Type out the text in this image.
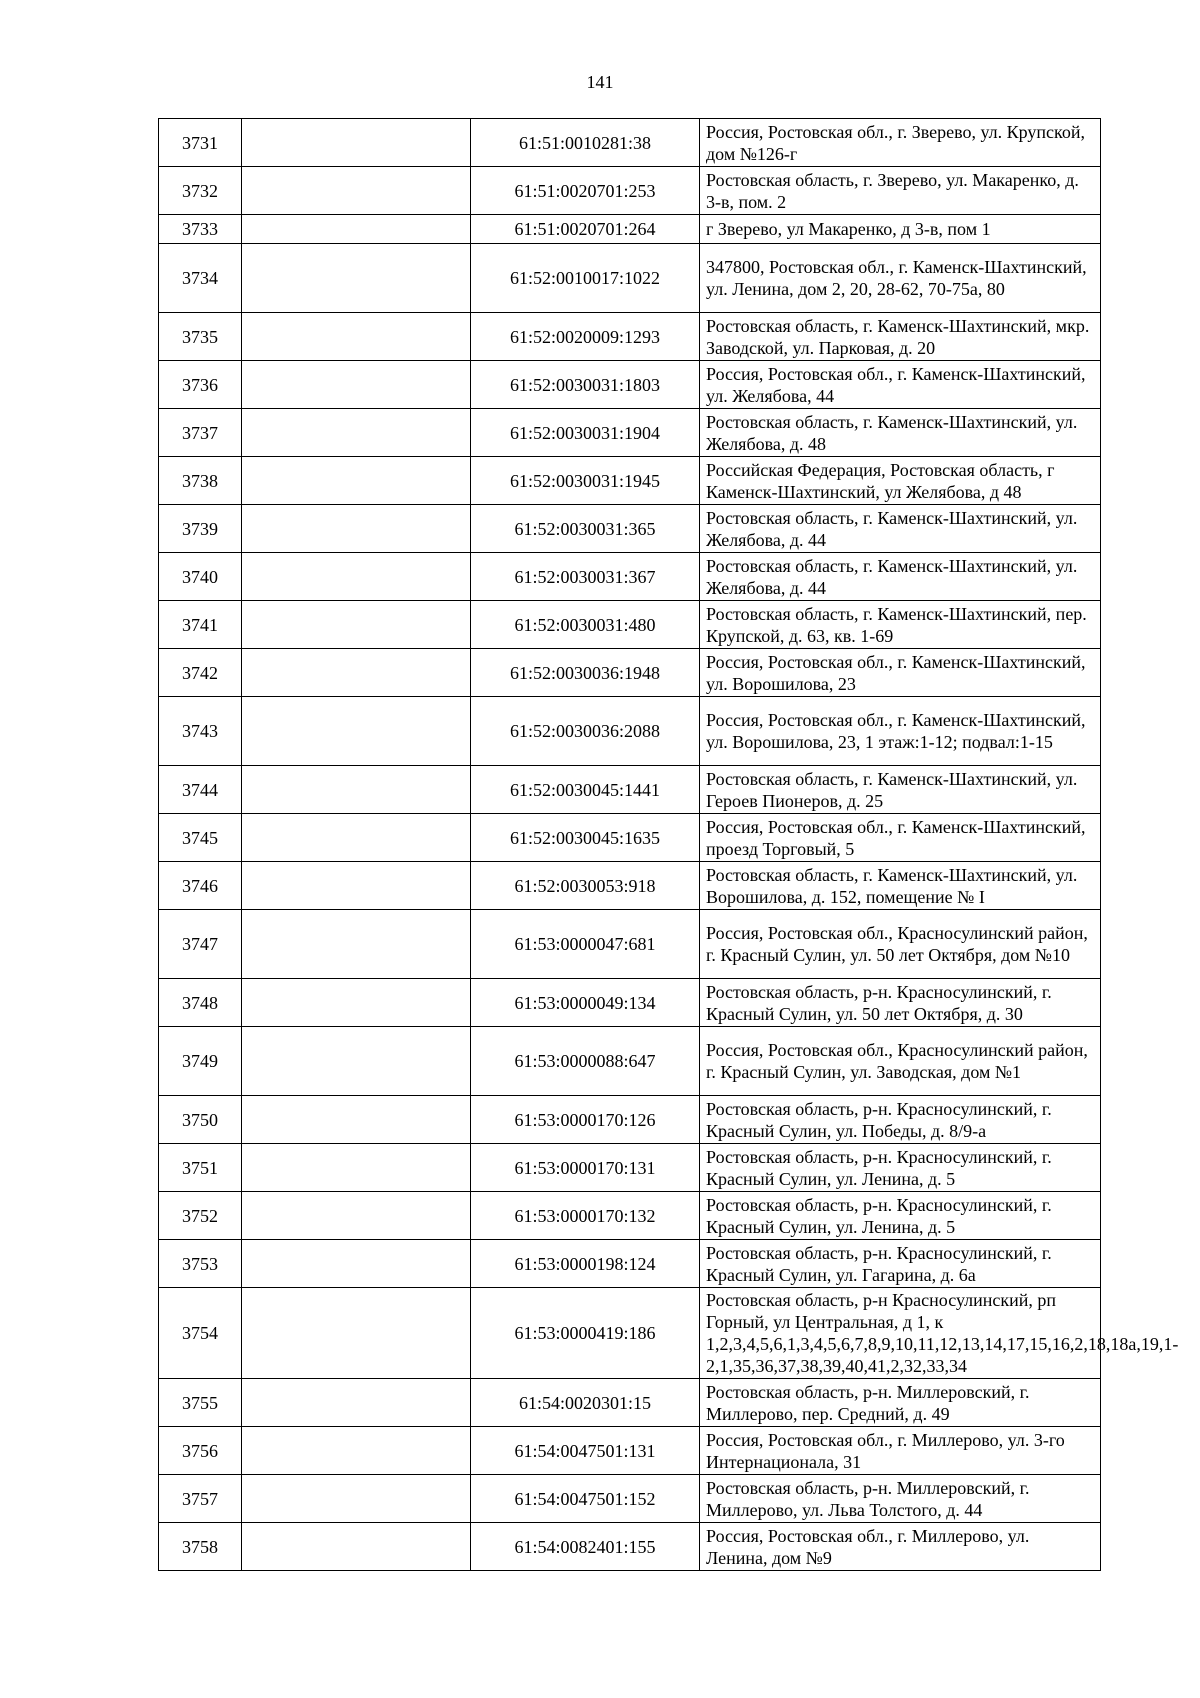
141
3731		61:51:0010281:38	Россия, Ростовская обл., г. Зверево, ул. Крупской, дом №126-г
3732		61:51:0020701:253	Ростовская область, г. Зверево, ул. Макаренко, д. 3-в, пом. 2
3733		61:51:0020701:264	г Зверево, ул Макаренко, д 3-в, пом 1
3734		61:52:0010017:1022	347800, Ростовская обл., г. Каменск-Шахтинский, ул. Ленина, дом 2, 20, 28-62, 70-75а, 80
3735		61:52:0020009:1293	Ростовская область, г. Каменск-Шахтинский, мкр. Заводской, ул. Парковая, д. 20
3736		61:52:0030031:1803	Россия, Ростовская обл., г. Каменск-Шахтинский, ул. Желябова, 44
3737		61:52:0030031:1904	Ростовская область, г. Каменск-Шахтинский, ул. Желябова, д. 48
3738		61:52:0030031:1945	Российская Федерация, Ростовская область, г Каменск-Шахтинский, ул Желябова, д 48
3739		61:52:0030031:365	Ростовская область, г. Каменск-Шахтинский, ул. Желябова, д. 44
3740		61:52:0030031:367	Ростовская область, г. Каменск-Шахтинский, ул. Желябова, д. 44
3741		61:52:0030031:480	Ростовская область, г. Каменск-Шахтинский, пер. Крупской, д. 63, кв. 1-69
3742		61:52:0030036:1948	Россия, Ростовская обл., г. Каменск-Шахтинский, ул. Ворошилова, 23
3743		61:52:0030036:2088	Россия, Ростовская обл., г. Каменск-Шахтинский, ул. Ворошилова, 23, 1 этаж:1-12; подвал:1-15
3744		61:52:0030045:1441	Ростовская область, г. Каменск-Шахтинский, ул. Героев Пионеров, д. 25
3745		61:52:0030045:1635	Россия, Ростовская обл., г. Каменск-Шахтинский, проезд Торговый, 5
3746		61:52:0030053:918	Ростовская область, г. Каменск-Шахтинский, ул. Ворошилова, д. 152, помещение № I
3747		61:53:0000047:681	Россия, Ростовская обл., Красносулинский район, г. Красный Сулин, ул. 50 лет Октября, дом №10
3748		61:53:0000049:134	Ростовская область, р-н. Красносулинский, г. Красный Сулин, ул. 50 лет Октября, д. 30
3749		61:53:0000088:647	Россия, Ростовская обл., Красносулинский район, г. Красный Сулин, ул. Заводская, дом №1
3750		61:53:0000170:126	Ростовская область, р-н. Красносулинский, г. Красный Сулин, ул. Победы, д. 8/9-а
3751		61:53:0000170:131	Ростовская область, р-н. Красносулинский, г. Красный Сулин, ул. Ленина, д. 5
3752		61:53:0000170:132	Ростовская область, р-н. Красносулинский, г. Красный Сулин, ул. Ленина, д. 5
3753		61:53:0000198:124	Ростовская область, р-н. Красносулинский, г. Красный Сулин, ул. Гагарина, д. 6а
3754		61:53:0000419:186	Ростовская область, р-н Красносулинский, рп Горный, ул Центральная, д 1, к 1,2,3,4,5,6,1,3,4,5,6,7,8,9,10,11,12,13,14,17,15,16,2,18,18а,19,1-2,1,35,36,37,38,39,40,41,2,32,33,34
3755		61:54:0020301:15	Ростовская область, р-н. Миллеровский, г. Миллерово, пер. Средний, д. 49
3756		61:54:0047501:131	Россия, Ростовская обл., г. Миллерово, ул. 3-го Интернационала, 31
3757		61:54:0047501:152	Ростовская область, р-н. Миллеровский, г. Миллерово, ул. Льва Толстого, д. 44
3758		61:54:0082401:155	Россия, Ростовская обл., г. Миллерово, ул. Ленина, дом №9
